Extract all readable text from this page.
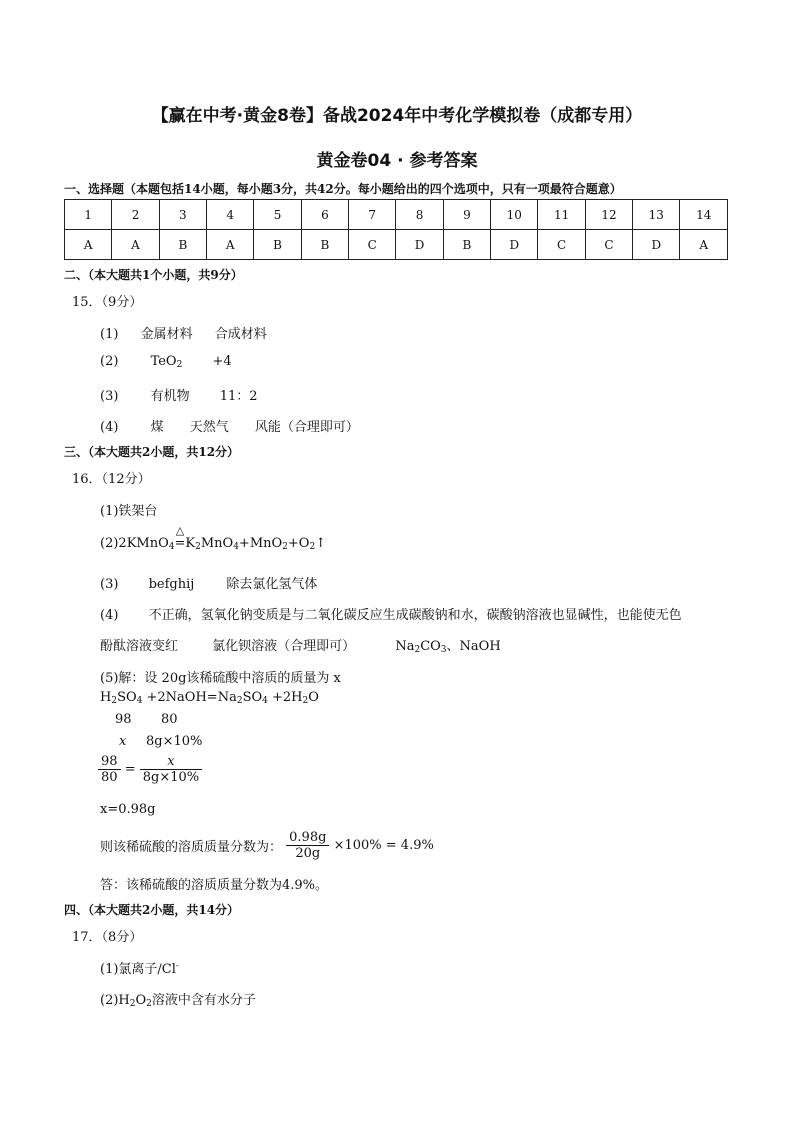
【赢在中考·黄金8卷】备战2024年中考化学模拟卷（成都专用）
黄金卷04 · 参考答案
一、选择题（本题包括14小题，每小题3分，共42分。每小题给出的四个选项中，只有一项最符合题意）
1	2	3	4	5	6	7	8	9	10	11	12	13	14
A	A	B	A	B	B	C	D	B	D	C	C	D	A
二、（本大题共1个小题，共9分）
15．（9分）
(1) 金属材料 合成材料
(2) TeO$_2$ +4
(3) 有机物 11：2
(4) 煤 天然气 风能（合理即可）
三、（本大题共2小题，共12分）
16．（12分）
(1)铁架台
(2)2KMnO$_4$
△
$=K_2MnO_4+MnO_2+O_2↑$
(3) befghij 除去氯化氢气体
(4) 不正确，氢氧化钠变质是与二氧化碳反应生成碳酸钠和水，碳酸钠溶液也显碱性，也能使无色
酚酞溶液变红	氯化钡溶液（合理即可）	$Na_2CO_3$、NaOH
(5)解：设 20g该稀硫酸中溶质的质量为 x
$H_2SO_4$ $+2NaOH=Na_2SO_4 +2H_2O$
98 80
x 8g×10%
$\frac{98}{80} = \frac{x}{8g\times 10\%}$
x=0.98g
则该稀硫酸的溶质质量分数为： $\frac{0.98g}{20g} \times 100\% = 4.9\%$
答：该稀硫酸的溶质质量分数为4.9%。
四、（本大题共2小题，共14分）
17．（8分）
(1)氯离子/Cl-
$(2)H_2O_2$溶液中含有水分子
